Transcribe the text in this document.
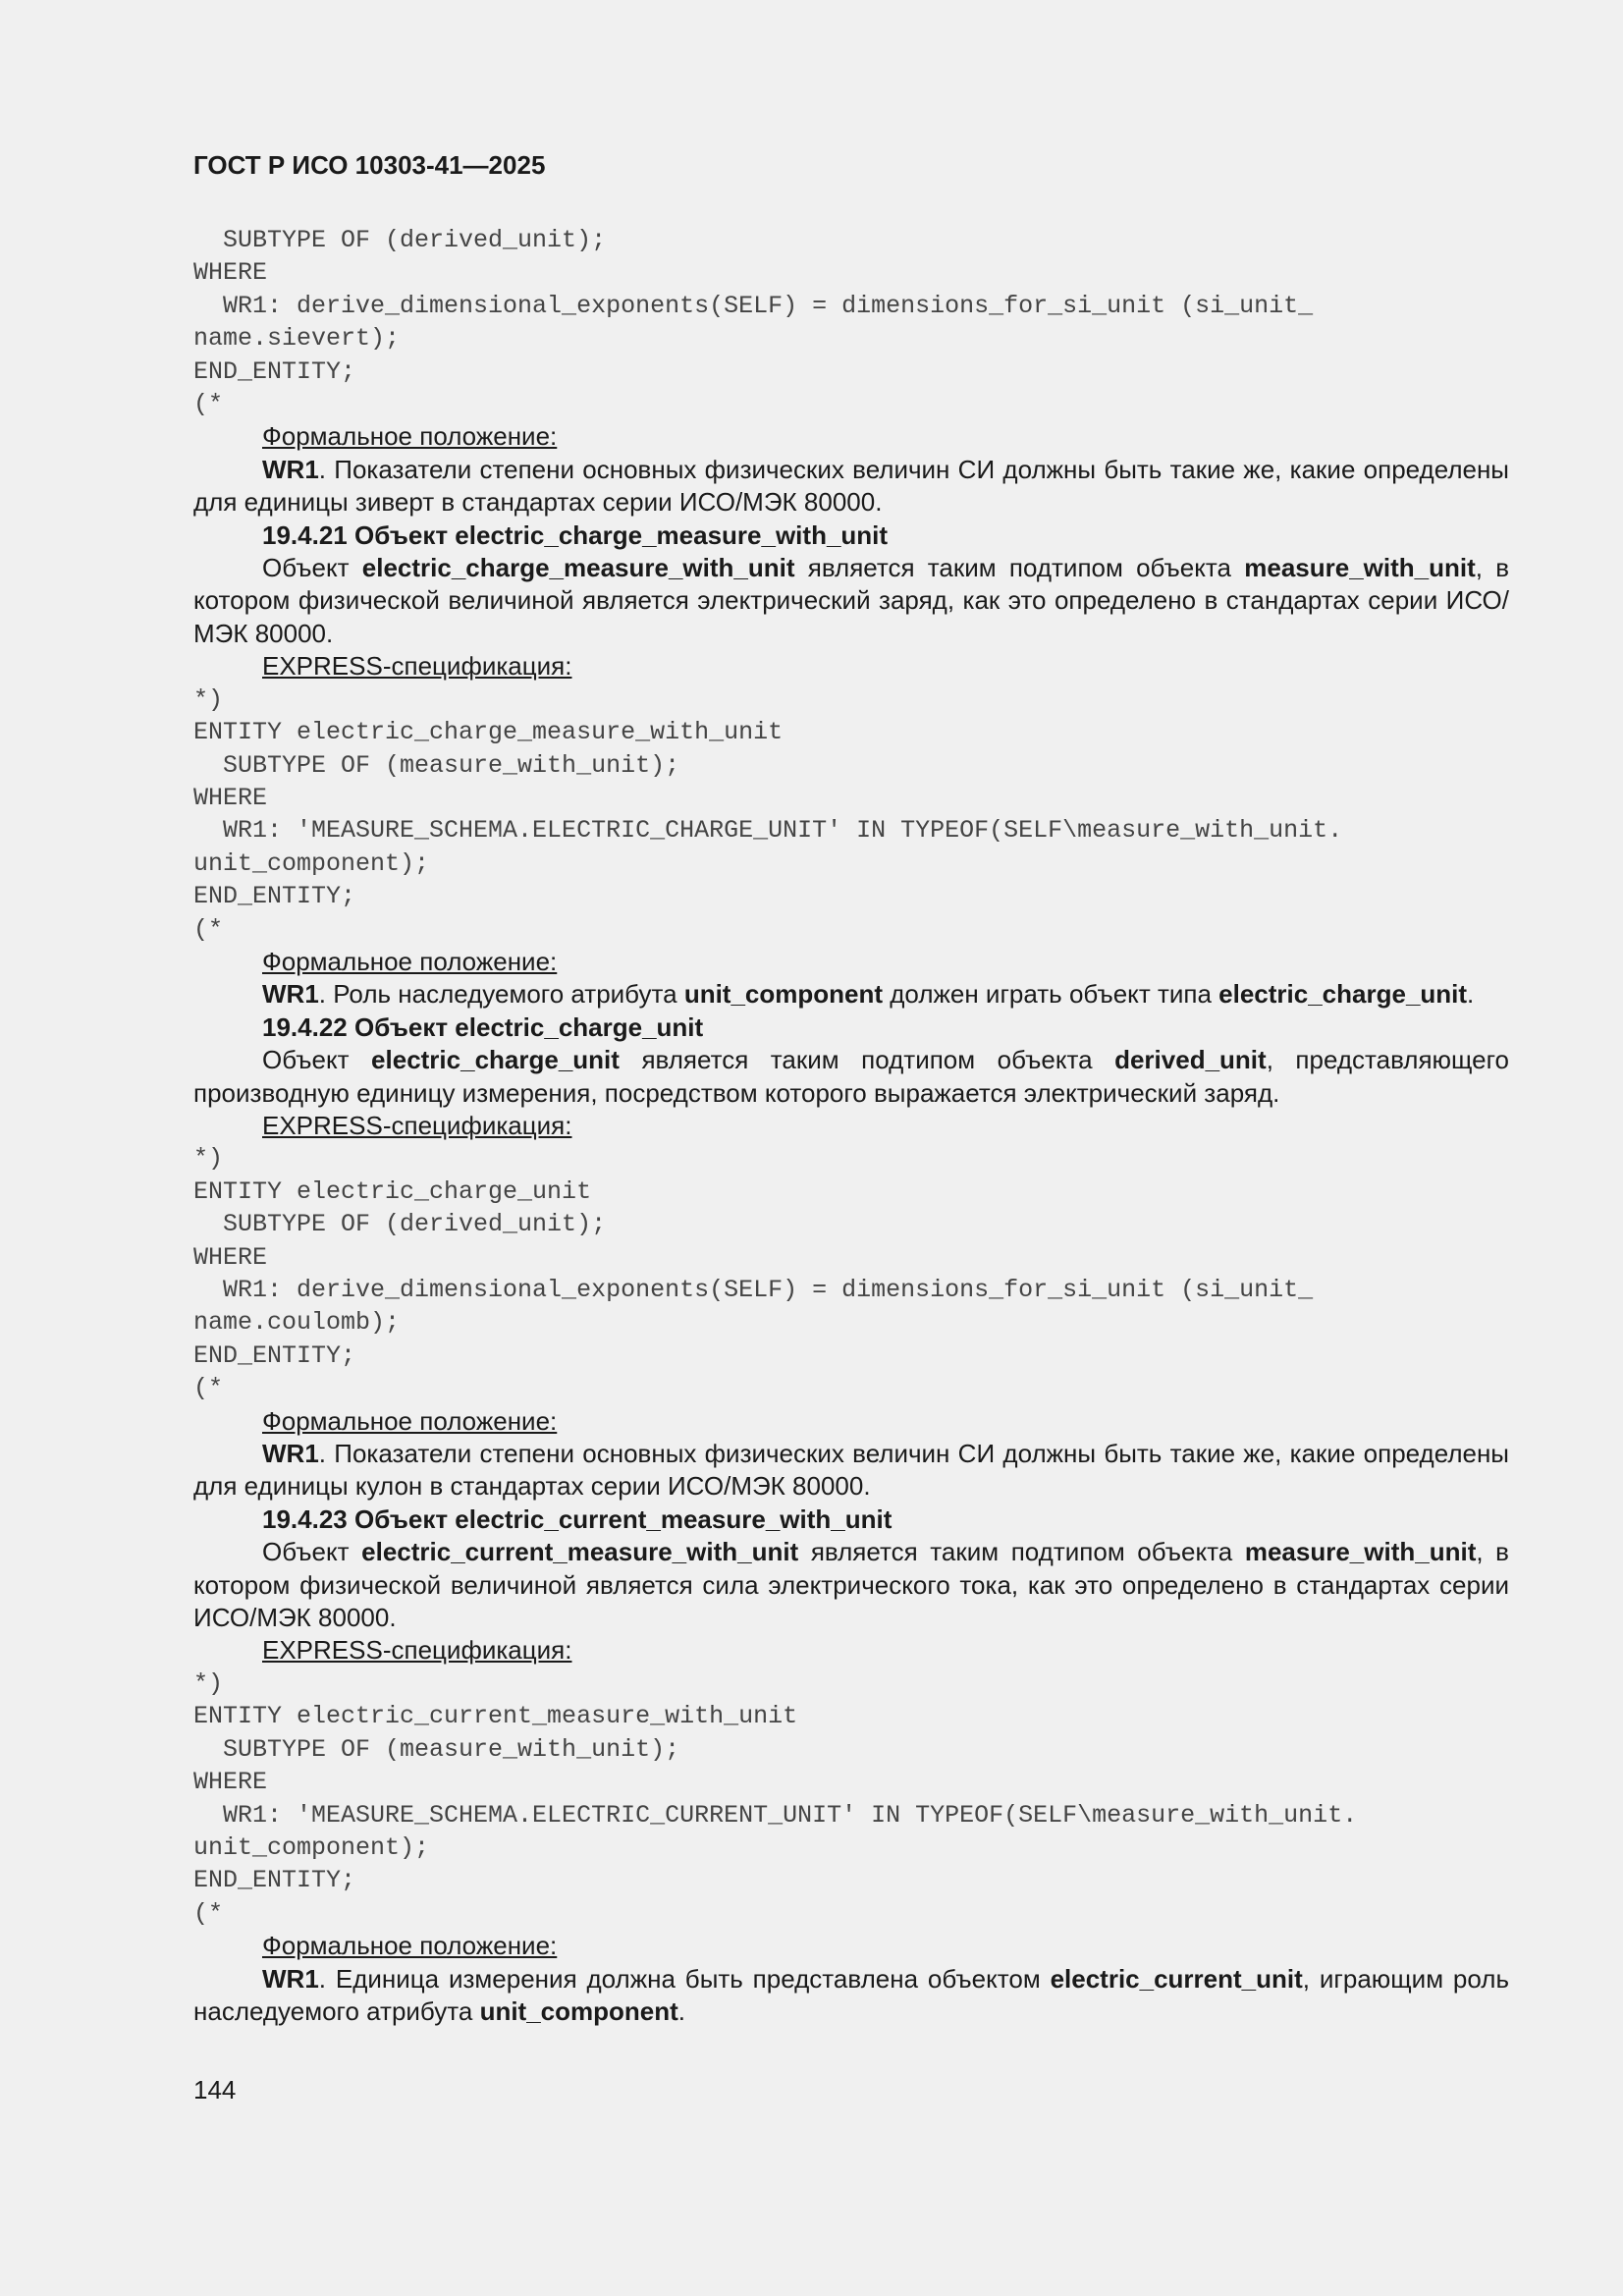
ГОСТ Р ИСО 10303-41—2025
SUBTYPE OF (derived_unit);
WHERE
WR1: derive_dimensional_exponents(SELF) = dimensions_for_si_unit (si_unit_
name.sievert);
END_ENTITY;
(*
Формальное положение:
WR1. Показатели степени основных физических величин СИ должны быть такие же, какие определены для единицы зиверт в стандартах серии ИСО/МЭК 80000.
19.4.21 Объект electric_charge_measure_with_unit
Объект electric_charge_measure_with_unit является таким подтипом объекта measure_with_unit, в котором физической величиной является электрический заряд, как это определено в стандартах серии ИСО/МЭК 80000.
EXPRESS-спецификация:
*)
ENTITY electric_charge_measure_with_unit
SUBTYPE OF (measure_with_unit);
WHERE
WR1: 'MEASURE_SCHEMA.ELECTRIC_CHARGE_UNIT' IN TYPEOF(SELF\measure_with_unit.
unit_component);
END_ENTITY;
(*
Формальное положение:
WR1. Роль наследуемого атрибута unit_component должен играть объект типа electric_charge_unit.
19.4.22 Объект electric_charge_unit
Объект electric_charge_unit является таким подтипом объекта derived_unit, представляющего производную единицу измерения, посредством которого выражается электрический заряд.
EXPRESS-спецификация:
*)
ENTITY electric_charge_unit
SUBTYPE OF (derived_unit);
WHERE
WR1: derive_dimensional_exponents(SELF) = dimensions_for_si_unit (si_unit_
name.coulomb);
END_ENTITY;
(*
Формальное положение:
WR1. Показатели степени основных физических величин СИ должны быть такие же, какие определены для единицы кулон в стандартах серии ИСО/МЭК 80000.
19.4.23 Объект electric_current_measure_with_unit
Объект electric_current_measure_with_unit является таким подтипом объекта measure_with_unit, в котором физической величиной является сила электрического тока, как это определено в стандартах серии ИСО/МЭК 80000.
EXPRESS-спецификация:
*)
ENTITY electric_current_measure_with_unit
SUBTYPE OF (measure_with_unit);
WHERE
WR1: 'MEASURE_SCHEMA.ELECTRIC_CURRENT_UNIT' IN TYPEOF(SELF\measure_with_unit.
unit_component);
END_ENTITY;
(*
Формальное положение:
WR1. Единица измерения должна быть представлена объектом electric_current_unit, играющим роль наследуемого атрибута unit_component.
144
